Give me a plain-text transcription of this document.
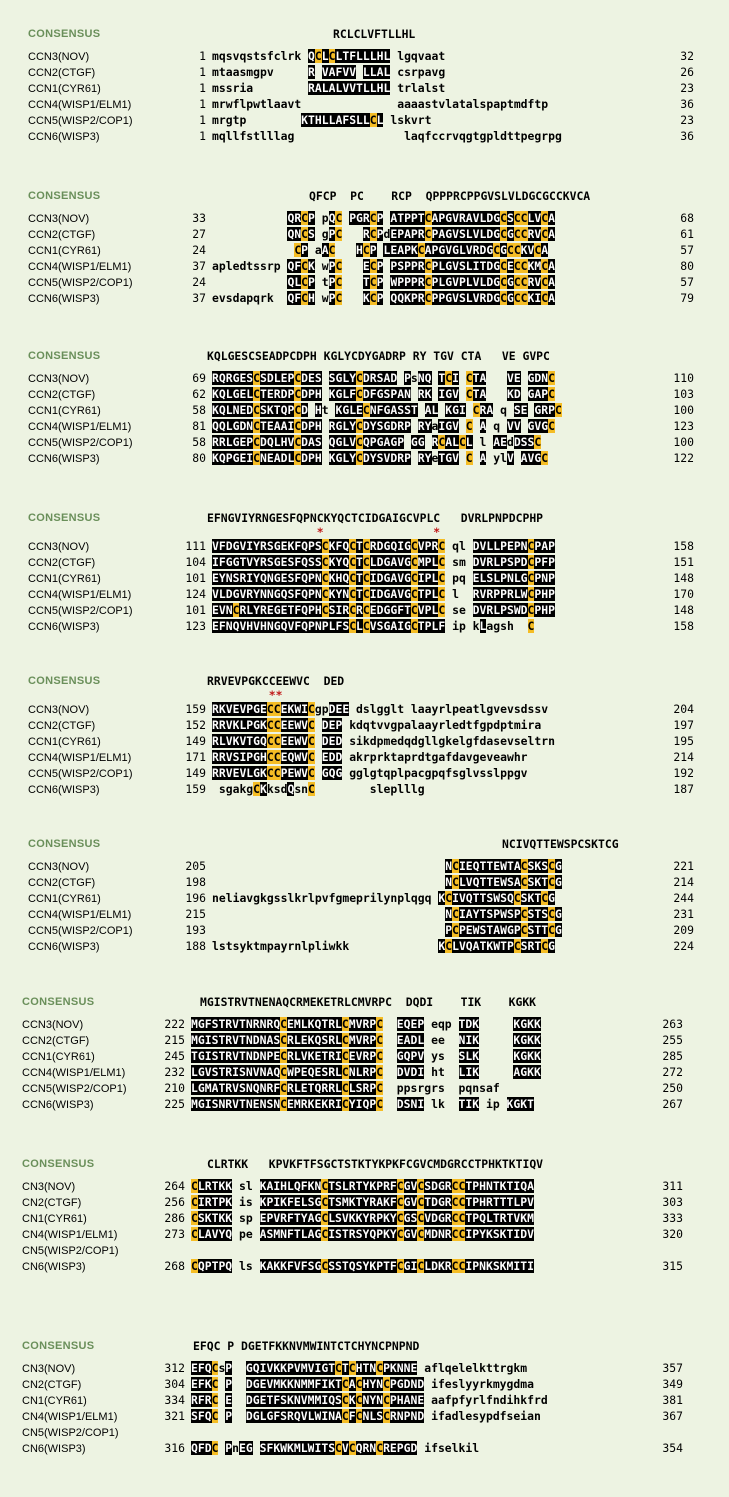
CONSENSUS	RCLCLVFTLLHL
CCN3(NOV)	1 mqsvqstsfclrk QCLCLTFLLLHL lgqvaat	32
CCN2(CTGF)	1 mtaasmgpv	R VAFVV LLAL csrpavg	26
CCN1(CYR61)	1 mssria	RALALVVTLLHL trlalst	23
CCN4(WISP1/ELM1)	1 mrwflpwtlaavt	aaaastvlatalspaptmdftp	36
CCN5(WISP2/COP1)	1 mrgtp	KTHLLAFSLLCL lskvrt	23
CCN6(WISP3)	1 mqllfstlllag	laqfccrvqgtgpldttpegrpg	36
CONSENSUS	QFCP  PC    RCP  QPPPRCPPGVSLVLDGCGCCKVCA
CCN3(NOV)	33	QRCP pQC PGRCP ATPPTCAPGVRAVLDGCSCCLVCA	68
CCN2(CTGF)	27	QNCS gPC RCPdEPAPRCPAGVSLVLDGCGCCRVCA	61
CCN1(CYR61)	24	CP aAC HCP LEAPKCAPGVGLVRDGCGCCKVCA	57
CCN4(WISP1/ELM1)	37 apledtssrp QFCK wPC ECP PSPPRCPLGVSLITDGCECCKMCA	80
CCN5(WISP2/COP1)	24	QLCP tPC TCP WPPPRCPLGVPLVLDGCGCCRVCA	57
CCN6(WISP3)	37 evsdapqrk QFCH wPC KCP QQKPRCPPGVSLVRDGCGCCKICA	79
CONSENSUS	KQLGESCSEADPCDPH KGLYCDYGADRP RY TGV CTA   VE GVPC
CCN3(NOV)	69 RQRGESCSDLEPCDES SGLYCDRSAD PsNQ TCI CTA VE GDNC	110
CCN2(CTGF)	62 KQLGELCTERDPCDPH KGLFCDFGSPAN RK IGV CTA KD GAPC	103
CCN1(CYR61)	58 KQLNEDCSKTQPCD Ht KGLECNFGASST AL KGI CRA q SE GRPC	100
CCN4(WISP1/ELM1)	81 QQLGDNCTEAAICDPH RGLYCDYSGDRP RYaIGV C A q VV GVGC	123
CCN5(WISP2/COP1)	58 RRLGEPCDQLHVCDAS QGLVCQPGAGP GG RCALCL l AEdDSSC	100
CCN6(WISP3)	80 KQPGEICNEADLCDPH KGLYCDYSVDRP RYeTGV C A ylV AVGC	122
CONSENSUS	EFNGVIYRNGESFQPNCKYQCTCIDGAIGCVPLC   DVRLPNPDCPHP
*                *
CCN3(NOV)	111 VFDGVIYRSGEKFQPSCKFQCTCRDGQIGCVPRC ql DVLLPEPNCPAP	158
CCN2(CTGF)	104 IFGGTVYRSGESFQSSCKYQCTCLDGAVGCMPLC sm DVRLPSPDCPFP	151
CCN1(CYR61)	101 EYNSRIYQNGESFQPNCKHQCTCIDGAVGCIPLC pq ELSLPNLGCPNP	148
CCN4(WISP1/ELM1)	124 VLDGVRYNNGQSFQPNCKYNCTCIDGAVGCTPLC l RVRPPRLWCPHP	170
CCN5(WISP2/COP1)	101 EVNCRLYREGETFQPHCSIRCRCEDGGFTCVPLC se DVRLPSWDCPHP	148
CCN6(WISP3)	123 EFNQVHVHNGQVFQPNPLFSCLCVSGAIGCTPLF ip kLagsh C	158
CONSENSUS	RRVEVPGKCCEEWVC  DED
**
CCN3(NOV)	159 RKVEVPGECCEKWICgpDEE dslgglt laayrlpeatlgvevsdssv	204
CCN2(CTGF)	152 RRVKLPGKCCEEWVC DEP kdqtvvgpalaayrledtfgpdptmira	197
CCN1(CYR61)	149 RLVKVTGQCCEEWVC DED sikdpmedqdgllgkelgfdasevseltrn	195
CCN4(WISP1/ELM1)	171 RRVSIPGHCCEQWVC EDD akrprktaprdtgafdavgeveawhr	214
CCN5(WISP2/COP1)	149 RRVEVLGKCCPEWVC GQG gglgtqplpacgpqfsglvsslppgv	192
CCN6(WISP3)	159 sgakgCKksdQsnC	sleplllg	187
CONSENSUS	NCIVQTTEWSPCSKTCG
CCN3(NOV)	205	NCIEQTTEWTACSKSCG	221
CCN2(CTGF)	198	NCLVQTTEWSACSKTCG	214
CCN1(CYR61)	196 neliavgkgsslkrlpvfgmeprilynplqgq KCIVQTTSWSQCSKTCG	244
CCN4(WISP1/ELM1)	215	NCIAYTSPWSPCSTSCG	231
CCN5(WISP2/COP1)	193	PCPEWSTAWGPCSTTCG	209
CCN6(WISP3)	188 lstsyktmpayrnlpliwkk	KCLVQATKWTPCSRTCG	224
CONSENSUS	MGISTRVTNENAQCRMEKETRLCMVRPC  DQDI    TIK    KGKK
CCN3(NOV)	222 MGFSTRVTNRNRQCEMLKQTRLCMVRPC EQEP eqp TDK	KGKK	263
CCN2(CTGF)	215 MGISTRVTNDNASCRLEKQSRLCMVRPC EADL ee NIK	KGKK	255
CCN1(CYR61)	245 TGISTRVTNDNPECRLVKETRICEVRPC GQPV ys SLK	KGKK	285
CCN4(WISP1/ELM1)	232 LGVSTRISNVNAQCWPEQESRLCNLRPC DVDI ht LIK	AGKK	272
CCN5(WISP2/COP1)	210 LGMATRVSNQNRFCRLETQRRLCLSRPC ppsrgrs pqnsaf	250
CCN6(WISP3)	225 MGISNRVTNENSNCEMRKEKRICYIQPC DSNI lk TIK ip KGKT	267
CONSENSUS	CLRTKK   KPVKFTFSGCTSTKTYKPKFCGVCMDGRCCTPHKTKTIQV
CN3(NOV)	264 CLRTKK sl KAIHLQFKNCTSLRTYKPRFCGVCSDGRCCTPHNTKTIQA	311
CN2(CTGF)	256 CIRTPK is KPIKFELSGCTSMKTYRAKFCGVCTDGRCCTPHRTTTLPV	303
CN1(CYR61)	286 CSKTKK sp EPVRFTYAGCLSVKKYRPKYCGSCVDGRCCTPQLTRTVKM	333
CN4(WISP1/ELM1)	273 CLAVYQ pe ASMNFTLAGCISTRSYQPKYCGVCMDNRCCIPYKSKTIDV	320
CN5(WISP2/COP1)
CN6(WISP3)	268 CQPTPQ ls KAKKFVFSGCSSTQSYKPTFCGICLDKRCCIPNKSKMITI	315
CONSENSUS	EFQC P DGETFKKNVMWINTCTCHYNCPNPND
CN3(NOV)	312 EFQCsP GQIVKKPVMVIGTCTCHTNCPKNNE aflqelelkttrgkm	357
CN2(CTGF)	304 EFKC P DGEVMKKNMMFIKTCACHYNCPGDND ifeslyyrkmygdma	349
CN1(CYR61)	334 RFRC E DGETFSKNVMMIQSCKCNYNCPHANE aafpfyrlfndihkfrd	381
CN4(WISP1/ELM1)	321 SFQC P DGLGFSRQVLWINACFCNLSCRNPND ifadlesypdfseian	367
CN5(WISP2/COP1)
CN6(WISP3)	316 QFDC PnEG SFKWKMLWITSCVCQRNCREPGD ifselkil	354
